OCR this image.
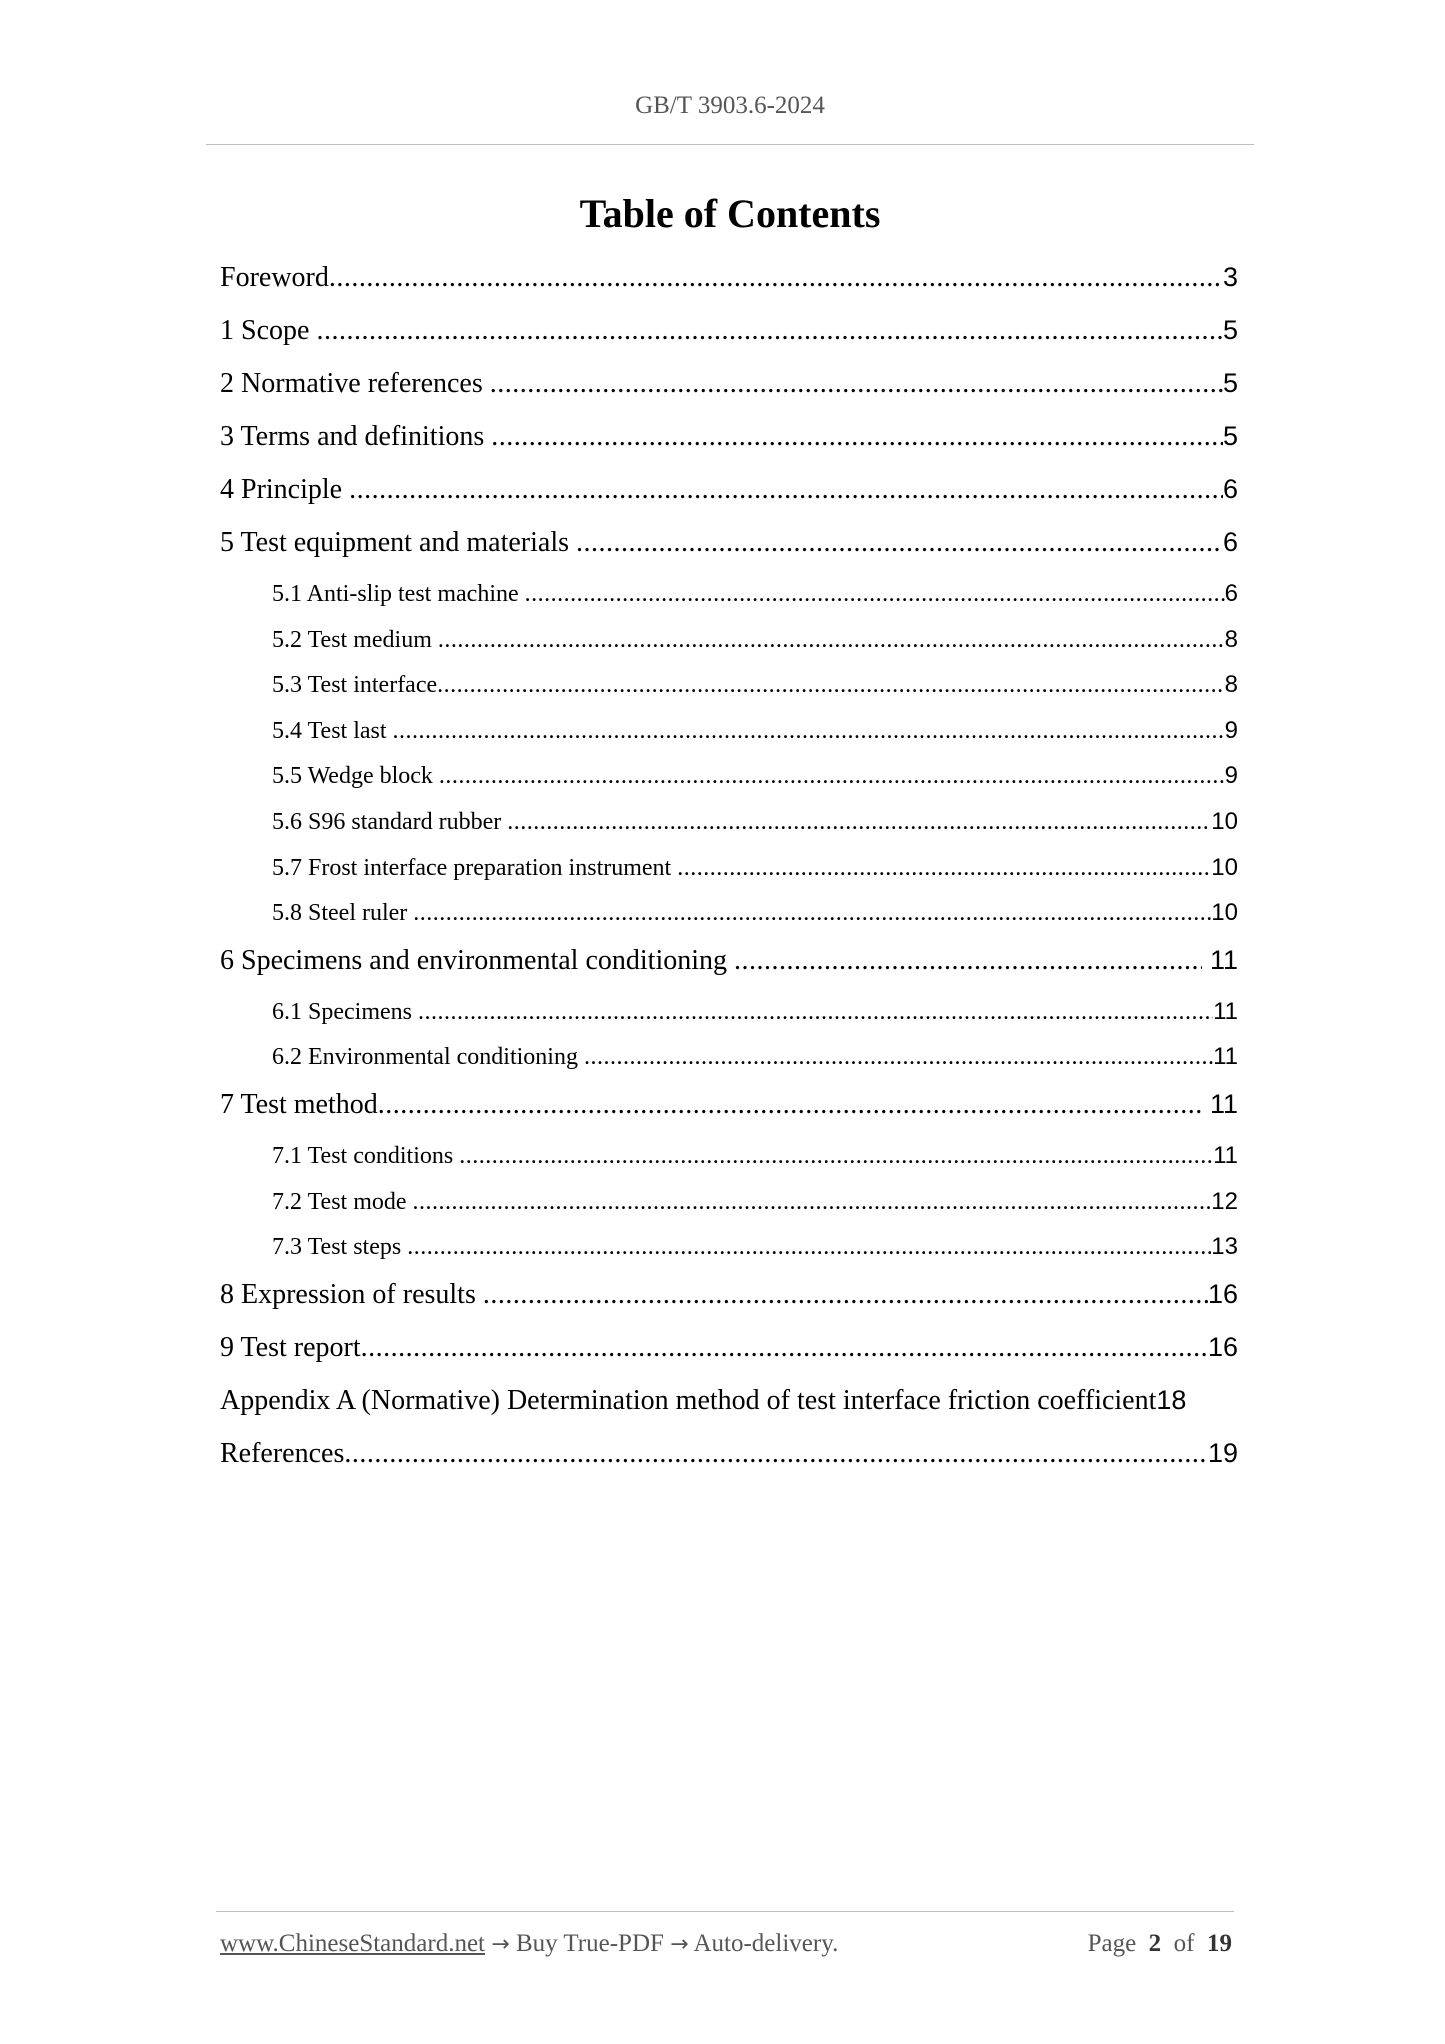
GB/T 3903.6-2024
Table of Contents
Foreword .....	3
1 Scope .....	5
2 Normative references .....	5
3 Terms and definitions .....	5
4 Principle .....	6
5 Test equipment and materials .....	6
5.1 Anti-slip test machine .....	6
5.2 Test medium .....	8
5.3 Test interface .....	8
5.4 Test last .....	9
5.5 Wedge block .....	9
5.6 S96 standard rubber .....	10
5.7 Frost interface preparation instrument .....	10
5.8 Steel ruler .....	10
6 Specimens and environmental conditioning .....	11
6.1 Specimens .....	11
6.2 Environmental conditioning .....	11
7 Test method .....	11
7.1 Test conditions .....	11
7.2 Test mode .....	12
7.3 Test steps .....	13
8 Expression of results .....	16
9 Test report .....	16
Appendix A (Normative) Determination method of test interface friction coefficient 18
References .....	19
www.ChineseStandard.net → Buy True-PDF → Auto-delivery.	Page 2 of 19
